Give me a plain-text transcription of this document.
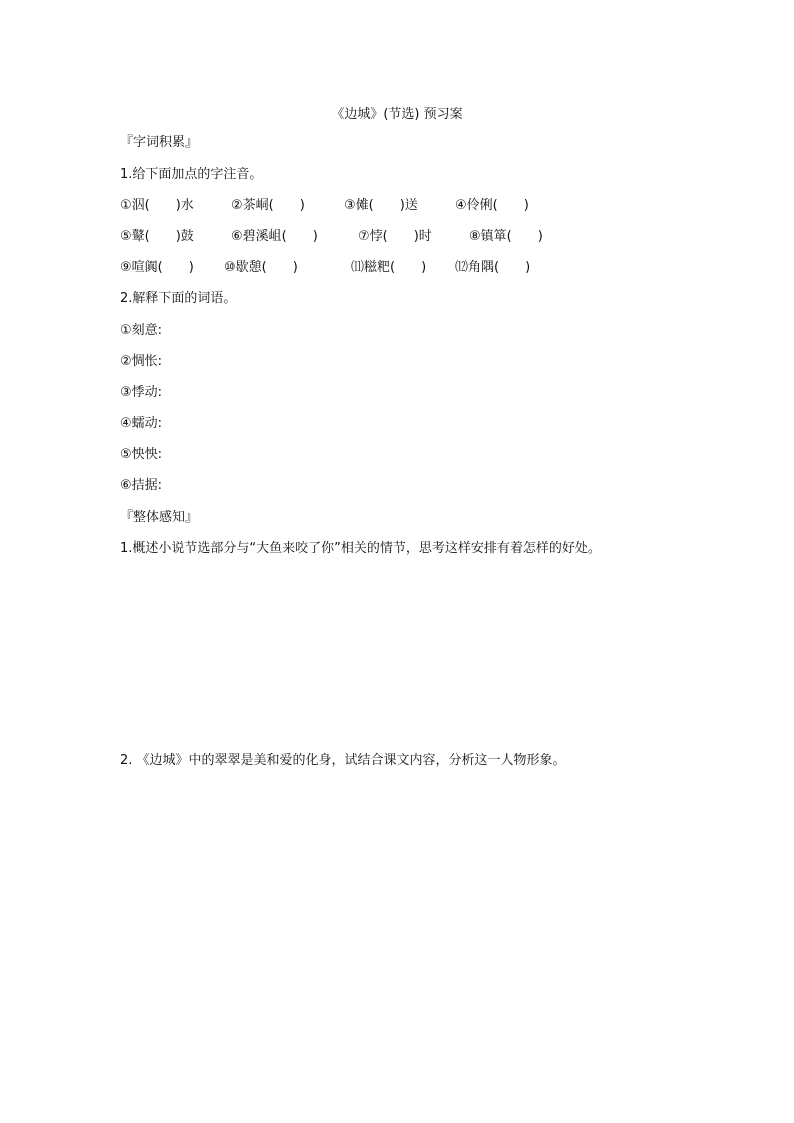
《边城》(节选) 预习案
『字词积累』
1.给下面加点的字注音。
①泅(　　)水	②茶峒(　　)	③傩(　　)送	④伶俐(　　)
⑤鼙(　　)鼓	⑥碧溪岨(　　)	⑦悖(　　)时	⑧镇箪(　　)
⑨喧阗(　　) ⑩歇憩(　　)	⑾糍粑(　　) ⑿角隅(　　)
2.解释下面的词语。
①刻意:
②惆怅:
③悸动:
④蠕动:
⑤怏怏:
⑥拮据:
『整体感知』
1.概述小说节选部分与“大鱼来咬了你”相关的情节，思考这样安排有着怎样的好处。
2. 《边城》中的翠翠是美和爱的化身，试结合课文内容，分析这一人物形象。
